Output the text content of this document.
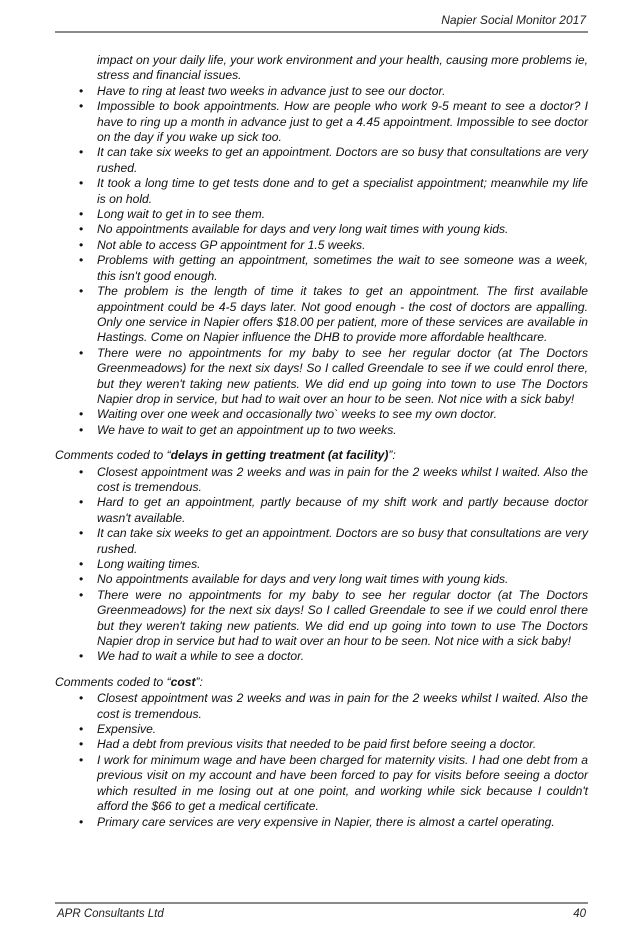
Napier Social Monitor 2017

impact on your daily life, your work environment and your health, causing more problems ie, stress and financial issues.

• Have to ring at least two weeks in advance just to see our doctor.
• Impossible to book appointments. How are people who work 9-5 meant to see a doctor? I have to ring up a month in advance just to get a 4.45 appointment. Impossible to see doctor on the day if you wake up sick too.
• It can take six weeks to get an appointment. Doctors are so busy that consultations are very rushed.
• It took a long time to get tests done and to get a specialist appointment; meanwhile my life is on hold.
• Long wait to get in to see them.
• No appointments available for days and very long wait times with young kids.
• Not able to access GP appointment for 1.5 weeks.
• Problems with getting an appointment, sometimes the wait to see someone was a week, this isn't good enough.
• The problem is the length of time it takes to get an appointment. The first available appointment could be 4-5 days later. Not good enough - the cost of doctors are appalling. Only one service in Napier offers $18.00 per patient, more of these services are available in Hastings. Come on Napier influence the DHB to provide more affordable healthcare.
• There were no appointments for my baby to see her regular doctor (at The Doctors Greenmeadows) for the next six days! So I called Greendale to see if we could enrol there, but they weren't taking new patients. We did end up going into town to use The Doctors Napier drop in service, but had to wait over an hour to be seen. Not nice with a sick baby!
• Waiting over one week and occasionally two` weeks to see my own doctor.
• We have to wait to get an appointment up to two weeks.

Comments coded to “delays in getting treatment (at facility)”:

• Closest appointment was 2 weeks and was in pain for the 2 weeks whilst I waited. Also the cost is tremendous.
• Hard to get an appointment, partly because of my shift work and partly because doctor wasn't available.
• It can take six weeks to get an appointment. Doctors are so busy that consultations are very rushed.
• Long waiting times.
• No appointments available for days and very long wait times with young kids.
• There were no appointments for my baby to see her regular doctor (at The Doctors Greenmeadows) for the next six days! So I called Greendale to see if we could enrol there but they weren't taking new patients. We did end up going into town to use The Doctors Napier drop in service but had to wait over an hour to be seen. Not nice with a sick baby!
• We had to wait a while to see a doctor.

Comments coded to “cost”:

• Closest appointment was 2 weeks and was in pain for the 2 weeks whilst I waited. Also the cost is tremendous.
• Expensive.
• Had a debt from previous visits that needed to be paid first before seeing a doctor.
• I work for minimum wage and have been charged for maternity visits. I had one debt from a previous visit on my account and have been forced to pay for visits before seeing a doctor which resulted in me losing out at one point, and working while sick because I couldn't afford the $66 to get a medical certificate.
• Primary care services are very expensive in Napier, there is almost a cartel operating.
APR Consultants Ltd	40
